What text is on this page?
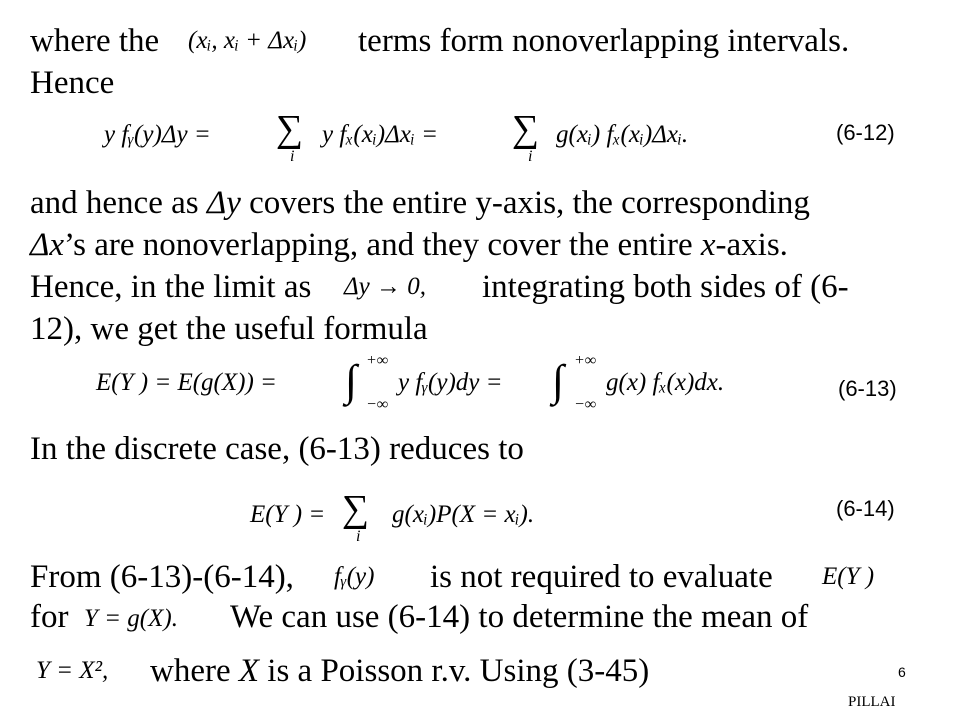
where the (xᵢ, xᵢ + Δxᵢ) terms form nonoverlapping intervals.
Hence
y fᵧ(y)Δy = ∑
i
y fₓ(xᵢ)Δxᵢ = ∑
i
g(xᵢ) fₓ(xᵢ)Δxᵢ.	(6-12)
and hence as Δy covers the entire y-axis, the corresponding
Δx’s are nonoverlapping, and they cover the entire x-axis.
Hence, in the limit as Δy → 0, integrating both sides of (6-
12), we get the useful formula
E(Y ) = E(g(X)) = ∫ +∞
−∞
y fᵧ(y)dy = ∫ +∞
−∞
g(x) fₓ(x)dx.	(6-13)
In the discrete case, (6-13) reduces to
E(Y ) = ∑
i
g(xᵢ)P(X = xᵢ).	(6-14)
From (6-13)-(6-14), fᵧ(y) is not required to evaluate E(Y )
for Y = g(X). We can use (6-14) to determine the mean of
Y = X², where X is a Poisson r.v. Using (3-45)	6
PILLAI
